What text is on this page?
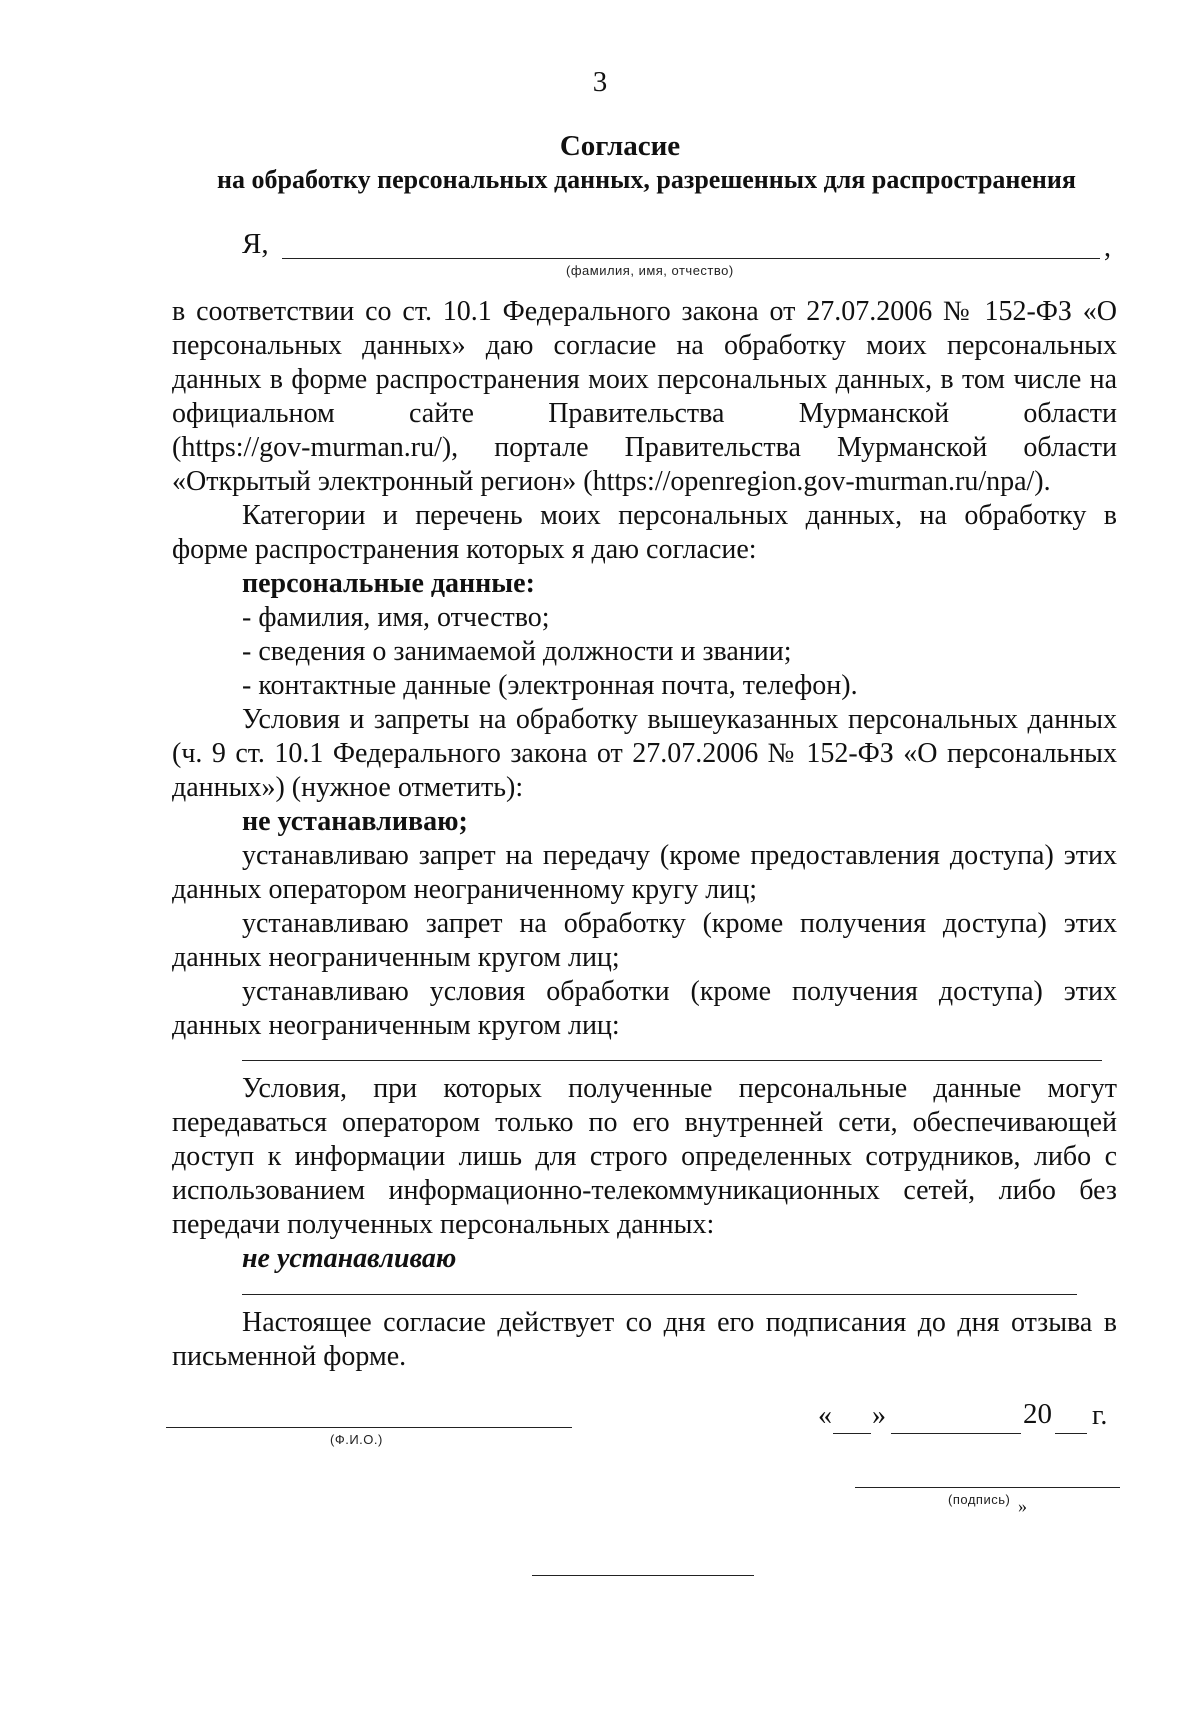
3
Согласие
на обработку персональных данных, разрешенных для распространения
Я,	,
(фамилия, имя, отчество)
в соответствии со ст. 10.1 Федерального закона от 27.07.2006 № 152-ФЗ «О
персональных данных» даю согласие на обработку моих персональных
данных в форме распространения моих персональных данных, в том числе на
официальном сайте Правительства Мурманской области
(https://gov-murman.ru/), портале Правительства Мурманской области
«Открытый электронный регион» (https://openregion.gov-murman.ru/npa/).
Категории и перечень моих персональных данных, на обработку в
форме распространения которых я даю согласие:
персональные данные:
- фамилия, имя, отчество;
- сведения о занимаемой должности и звании;
- контактные данные (электронная почта, телефон).
Условия и запреты на обработку вышеуказанных персональных данных
(ч. 9 ст. 10.1 Федерального закона от 27.07.2006 № 152-ФЗ «О персональных
данных») (нужное отметить):
не устанавливаю;
устанавливаю запрет на передачу (кроме предоставления доступа) этих
данных оператором неограниченному кругу лиц;
устанавливаю запрет на обработку (кроме получения доступа) этих
данных неограниченным кругом лиц;
устанавливаю условия обработки (кроме получения доступа) этих
данных неограниченным кругом лиц:
Условия, при которых полученные персональные данные могут
передаваться оператором только по его внутренней сети, обеспечивающей
доступ к информации лишь для строго определенных сотрудников, либо с
использованием информационно-телекоммуникационных сетей, либо без
передачи полученных персональных данных:
не устанавливаю
Настоящее согласие действует со дня его подписания до дня отзыва в
письменной форме.
« »	20 г.
(Ф.И.О.)
(подпись) »
